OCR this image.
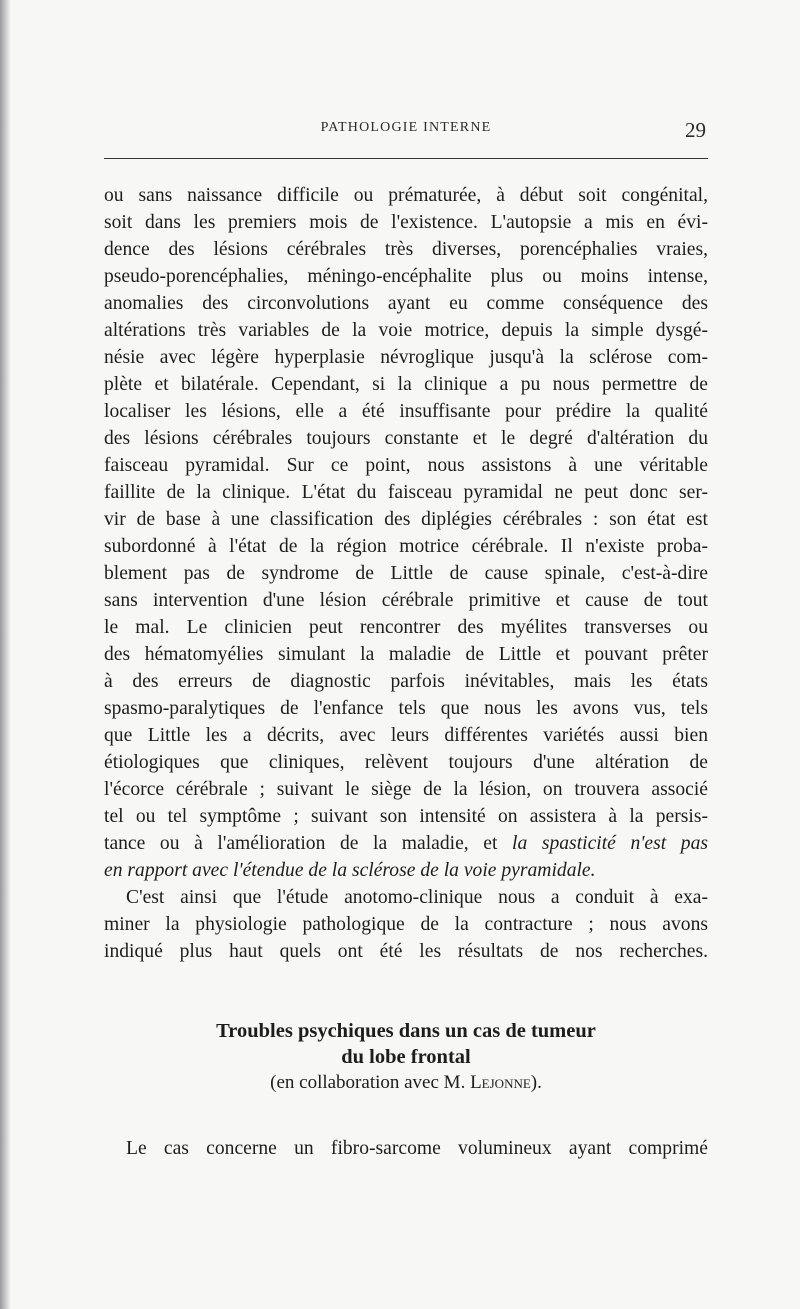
PATHOLOGIE INTERNE	29
ou sans naissance difficile ou prématurée, à début soit congénital,
soit dans les premiers mois de l'existence. L'autopsie a mis en évi-
dence des lésions cérébrales très diverses, porencéphalies vraies,
pseudo-porencéphalies, méningo-encéphalite plus ou moins intense,
anomalies des circonvolutions ayant eu comme conséquence des
altérations très variables de la voie motrice, depuis la simple dysgé-
nésie avec légère hyperplasie névroglique jusqu'à la sclérose com-
plète et bilatérale. Cependant, si la clinique a pu nous permettre de
localiser les lésions, elle a été insuffisante pour prédire la qualité
des lésions cérébrales toujours constante et le degré d'altération du
faisceau pyramidal. Sur ce point, nous assistons à une véritable
faillite de la clinique. L'état du faisceau pyramidal ne peut donc ser-
vir de base à une classification des diplégies cérébrales : son état est
subordonné à l'état de la région motrice cérébrale. Il n'existe proba-
blement pas de syndrome de Little de cause spinale, c'est-à-dire
sans intervention d'une lésion cérébrale primitive et cause de tout
le mal. Le clinicien peut rencontrer des myélites transverses ou
des hématomyélies simulant la maladie de Little et pouvant prêter
à des erreurs de diagnostic parfois inévitables, mais les états
spasmo-paralytiques de l'enfance tels que nous les avons vus, tels
que Little les a décrits, avec leurs différentes variétés aussi bien
étiologiques que cliniques, relèvent toujours d'une altération de
l'écorce cérébrale ; suivant le siège de la lésion, on trouvera associé
tel ou tel symptôme ; suivant son intensité on assistera à la persis-
tance ou à l'amélioration de la maladie, et la spasticité n'est pas
en rapport avec l'étendue de la sclérose de la voie pyramidale.
C'est ainsi que l'étude anotomo-clinique nous a conduit à exa-
miner la physiologie pathologique de la contracture ; nous avons
indiqué plus haut quels ont été les résultats de nos recherches.
Troubles psychiques dans un cas de tumeur
du lobe frontal
(en collaboration avec M. Lejonne).
Le cas concerne un fibro-sarcome volumineux ayant comprimé
